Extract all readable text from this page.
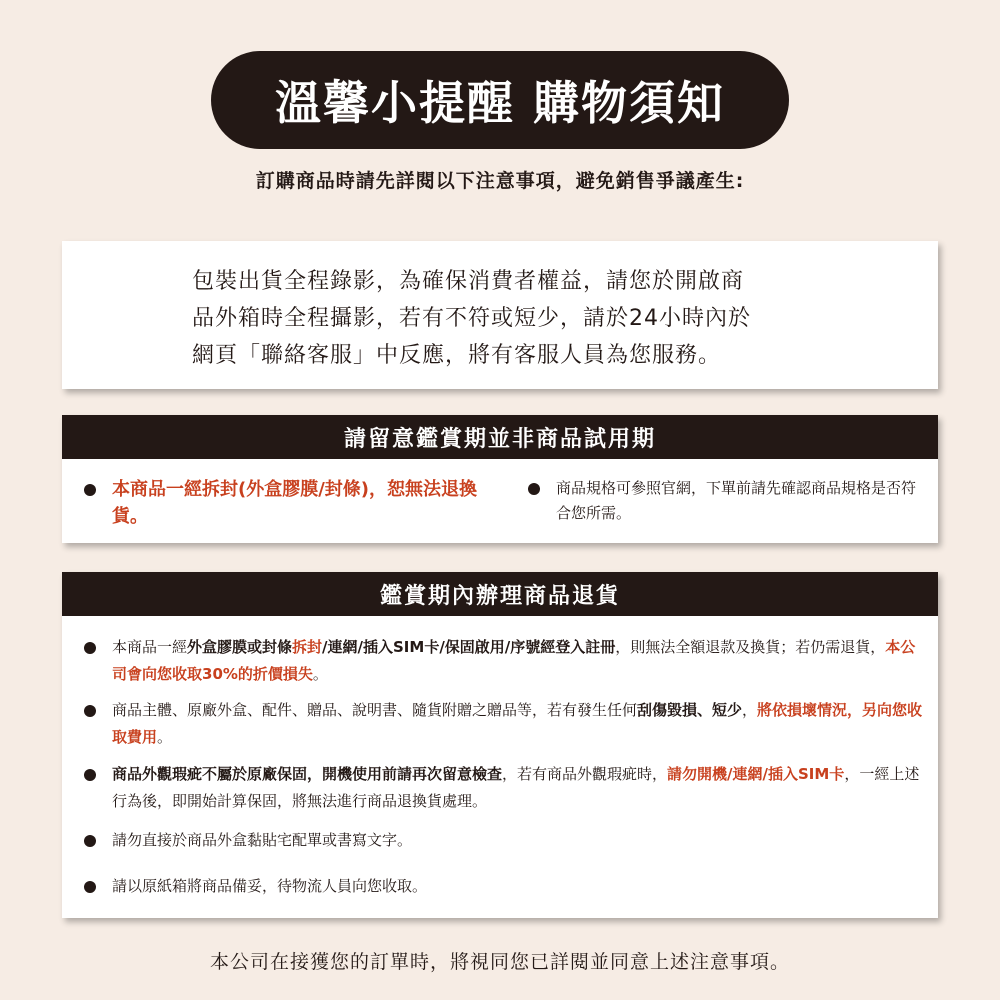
溫馨小提醒 購物須知
訂購商品時請先詳閱以下注意事項，避免銷售爭議產生:
包裝出貨全程錄影，為確保消費者權益，請您於開啟商
品外箱時全程攝影，若有不符或短少，請於24小時內於
網頁「聯絡客服」中反應，將有客服人員為您服務。
請留意鑑賞期並非商品試用期
本商品一經拆封(外盒膠膜/封條)，恕無法退換貨。
商品規格可參照官網，下單前請先確認商品規格是否符合您所需。
鑑賞期內辦理商品退貨
本商品一經外盒膠膜或封條拆封/連網/插入SIM卡/保固啟用/序號經登入註冊，則無法全額退款及換貨；若仍需退貨，本公司會向您收取30%的折價損失。
商品主體、原廠外盒、配件、贈品、說明書、隨貨附贈之贈品等，若有發生任何刮傷毀損、短少，將依損壞情況，另向您收取費用。
商品外觀瑕疵不屬於原廠保固，開機使用前請再次留意檢查，若有商品外觀瑕疵時，請勿開機/連網/插入SIM卡，一經上述行為後，即開始計算保固，將無法進行商品退換貨處理。
請勿直接於商品外盒黏貼宅配單或書寫文字。
請以原紙箱將商品備妥，待物流人員向您收取。
本公司在接獲您的訂單時，將視同您已詳閱並同意上述注意事項。
